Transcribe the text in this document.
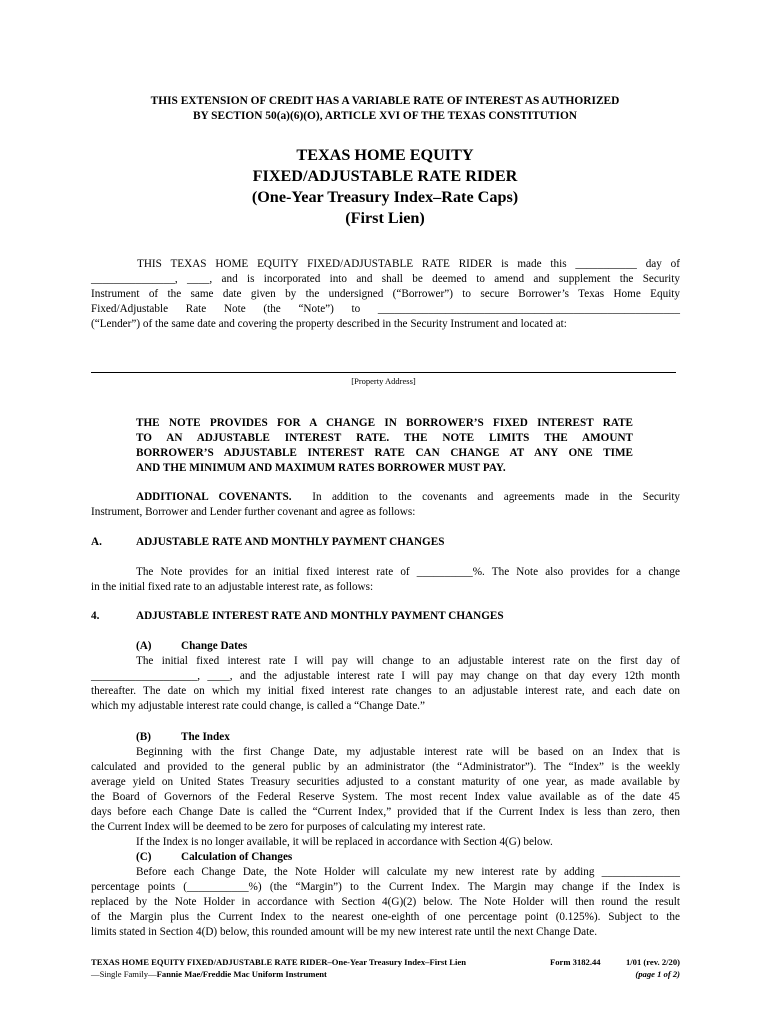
THIS EXTENSION OF CREDIT HAS A VARIABLE RATE OF INTEREST AS AUTHORIZED
BY SECTION 50(a)(6)(O), ARTICLE XVI OF THE TEXAS CONSTITUTION
TEXAS HOME EQUITY
FIXED/ADJUSTABLE RATE RIDER
(One-Year Treasury Index–Rate Caps)
(First Lien)
THIS TEXAS HOME EQUITY FIXED/ADJUSTABLE RATE RIDER is made this ___________ day of
_______________, ____, and is incorporated into and shall be deemed to amend and supplement the Security
Instrument of the same date given by the undersigned (“Borrower”) to secure Borrower’s Texas Home Equity
Fixed/Adjustable Rate Note (the “Note”) to ______________________________________________________
(“Lender”) of the same date and covering the property described in the Security Instrument and located at:
[Property Address]
THE NOTE PROVIDES FOR A CHANGE IN BORROWER’S FIXED INTEREST RATE
TO AN ADJUSTABLE INTEREST RATE. THE NOTE LIMITS THE AMOUNT
BORROWER’S ADJUSTABLE INTEREST RATE CAN CHANGE AT ANY ONE TIME
AND THE MINIMUM AND MAXIMUM RATES BORROWER MUST PAY.
ADDITIONAL COVENANTS. In addition to the covenants and agreements made in the Security
Instrument, Borrower and Lender further covenant and agree as follows:
A.	ADJUSTABLE RATE AND MONTHLY PAYMENT CHANGES
The Note provides for an initial fixed interest rate of __________%. The Note also provides for a change
in the initial fixed rate to an adjustable interest rate, as follows:
4.	ADJUSTABLE INTEREST RATE AND MONTHLY PAYMENT CHANGES
(A)	Change Dates
The initial fixed interest rate I will pay will change to an adjustable interest rate on the first day of
___________________, ____, and the adjustable interest rate I will pay may change on that day every 12th month
thereafter. The date on which my initial fixed interest rate changes to an adjustable interest rate, and each date on
which my adjustable interest rate could change, is called a “Change Date.”
(B)	The Index
Beginning with the first Change Date, my adjustable interest rate will be based on an Index that is
calculated and provided to the general public by an administrator (the “Administrator”). The “Index” is the weekly
average yield on United States Treasury securities adjusted to a constant maturity of one year, as made available by
the Board of Governors of the Federal Reserve System. The most recent Index value available as of the date 45
days before each Change Date is called the “Current Index,” provided that if the Current Index is less than zero, then
the Current Index will be deemed to be zero for purposes of calculating my interest rate.
If the Index is no longer available, it will be replaced in accordance with Section 4(G) below.
(C)	Calculation of Changes
Before each Change Date, the Note Holder will calculate my new interest rate by adding ______________
percentage points (___________%) (the “Margin”) to the Current Index. The Margin may change if the Index is
replaced by the Note Holder in accordance with Section 4(G)(2) below. The Note Holder will then round the result
of the Margin plus the Current Index to the nearest one-eighth of one percentage point (0.125%). Subject to the
limits stated in Section 4(D) below, this rounded amount will be my new interest rate until the next Change Date.
TEXAS HOME EQUITY FIXED/ADJUSTABLE RATE RIDER–One-Year Treasury Index–First Lien	Form 3182.44	1/01 (rev. 2/20)
—Single Family—Fannie Mae/Freddie Mac Uniform Instrument	(page 1 of 2)
